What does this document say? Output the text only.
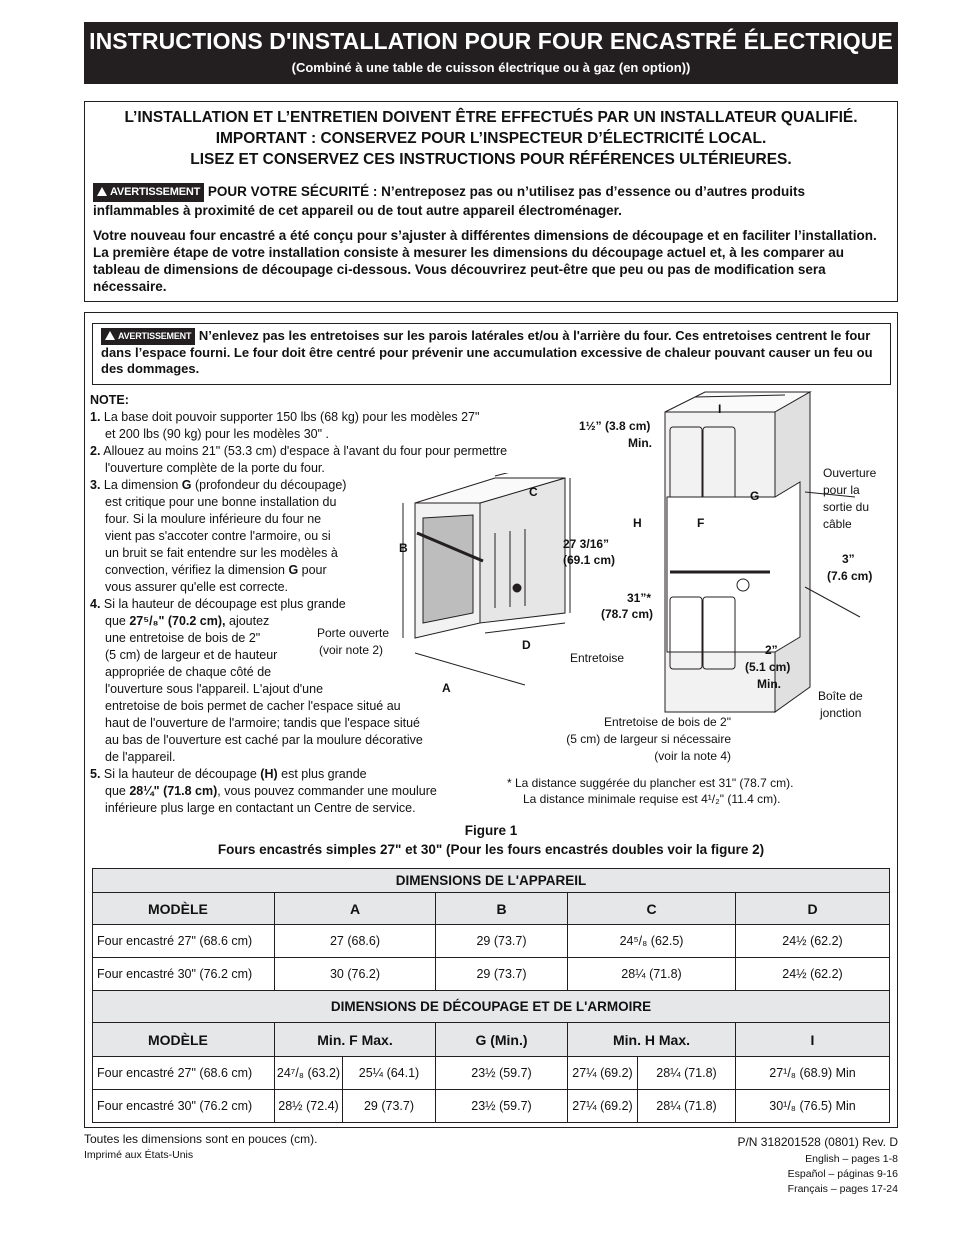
INSTRUCTIONS D'INSTALLATION POUR FOUR ENCASTRÉ ÉLECTRIQUE
(Combiné à une table de cuisson électrique ou à gaz (en option))
L’INSTALLATION ET L’ENTRETIEN DOIVENT ÊTRE EFFECTUÉS PAR UN INSTALLATEUR QUALIFIÉ.
IMPORTANT : CONSERVEZ POUR L’INSPECTEUR D’ÉLECTRICITÉ LOCAL.
LISEZ ET CONSERVEZ CES INSTRUCTIONS POUR RÉFÉRENCES ULTÉRIEURES.
AVERTISSEMENT POUR VOTRE SÉCURITÉ : N’entreposez pas ou n’utilisez pas d’essence ou d’autres produits inflammables à proximité de cet appareil ou de tout autre appareil électroménager.
Votre nouveau four encastré a été conçu pour s’ajuster à différentes dimensions de découpage et en faciliter l’installation. La première étape de votre installation consiste à mesurer les dimensions du découpage actuel et, à les comparer au tableau de dimensions de découpage ci-dessous. Vous découvrirez peut-être que peu ou pas de modification sera nécessaire.
AVERTISSEMENT N’enlevez pas les entretoises sur les parois latérales et/ou à l'arrière du four. Ces entretoises centrent le four dans l’espace fourni. Le four doit être centré pour prévenir une accumulation excessive de chaleur pouvant causer un feu ou des dommages.
NOTE:
1. La base doit pouvoir supporter 150 lbs (68 kg) pour les modèles 27"
et 200 lbs (90 kg) pour les modèles 30" .
2. Allouez au moins 21" (53.3 cm) d'espace à l'avant du four pour permettre
l'ouverture complète de la porte du four.
3. La dimension G (profondeur du découpage)
est critique pour une bonne installation du
four. Si la moulure inférieure du four ne
vient pas s'accoter contre l'armoire, ou si
un bruit se fait entendre sur les modèles à
convection, vérifiez la dimension G pour
vous assurer qu'elle est correcte.
4. Si la hauteur de découpage est plus grande
que 27⁵/₈" (70.2 cm), ajoutez
une entretoise de bois de 2"
(5 cm) de largeur et de hauteur
appropriée de chaque côté de
l'ouverture sous l'appareil. L'ajout d'une
entretoise de bois permet de cacher l'espace situé au
haut de l'ouverture de l'armoire; tandis que l'espace situé
au bas de l'ouverture est caché par la moulure décorative
de l'appareil.
5. Si la hauteur de découpage (H) est plus grande
que 28¼" (71.8 cm), vous pouvez commander une moulure
inférieure plus large en contactant un Centre de service.
B
C
D
A
Porte ouverte
(voir note 2)
27 3/16”
(69.1 cm)
1½” (3.8 cm)
Min.
I
H	F
G
31”*
(78.7 cm)
Ouverture
pour la
sortie du
câble
3”
(7.6 cm)
Entretoise
2”
(5.1 cm)
Min.
Boîte de
jonction
Entretoise de bois de 2"
(5 cm) de largeur si nécessaire
(voir la note 4)
* La distance suggérée du plancher est 31" (78.7 cm).
La distance minimale requise est 4¹/₂" (11.4 cm).
Figure 1
Fours encastrés simples 27" et 30" (Pour les fours encastrés doubles voir la figure 2)
DIMENSIONS DE L'APPAREIL				
MODÈLE	A	B	C	D
Four encastré 27" (68.6 cm)	27 (68.6)	29 (73.7)	24⁵/₈ (62.5)	24½ (62.2)
Four encastré 30" (76.2 cm)	30 (76.2)	29 (73.7)	28¼ (71.8)	24½ (62.2)
DIMENSIONS DE DÉCOUPAGE ET DE L'ARMOIRE						
MODÈLE	Min. F Max.		G (Min.)	Min. H Max.		I
Four encastré 27" (68.6 cm)	24⁷/₈ (63.2)	25¼ (64.1)	23½ (59.7)	27¼ (69.2)	28¼ (71.8)	27¹/₈ (68.9) Min
Four encastré 30" (76.2 cm)	28½ (72.4)	29 (73.7)	23½ (59.7)	27¼ (69.2)	28¼ (71.8)	30¹/₈ (76.5) Min
Toutes les dimensions sont en pouces (cm).
Imprimé aux États-Unis
P/N 318201528 (0801) Rev. D
English – pages 1-8
Español – páginas 9-16
Français – pages 17-24
